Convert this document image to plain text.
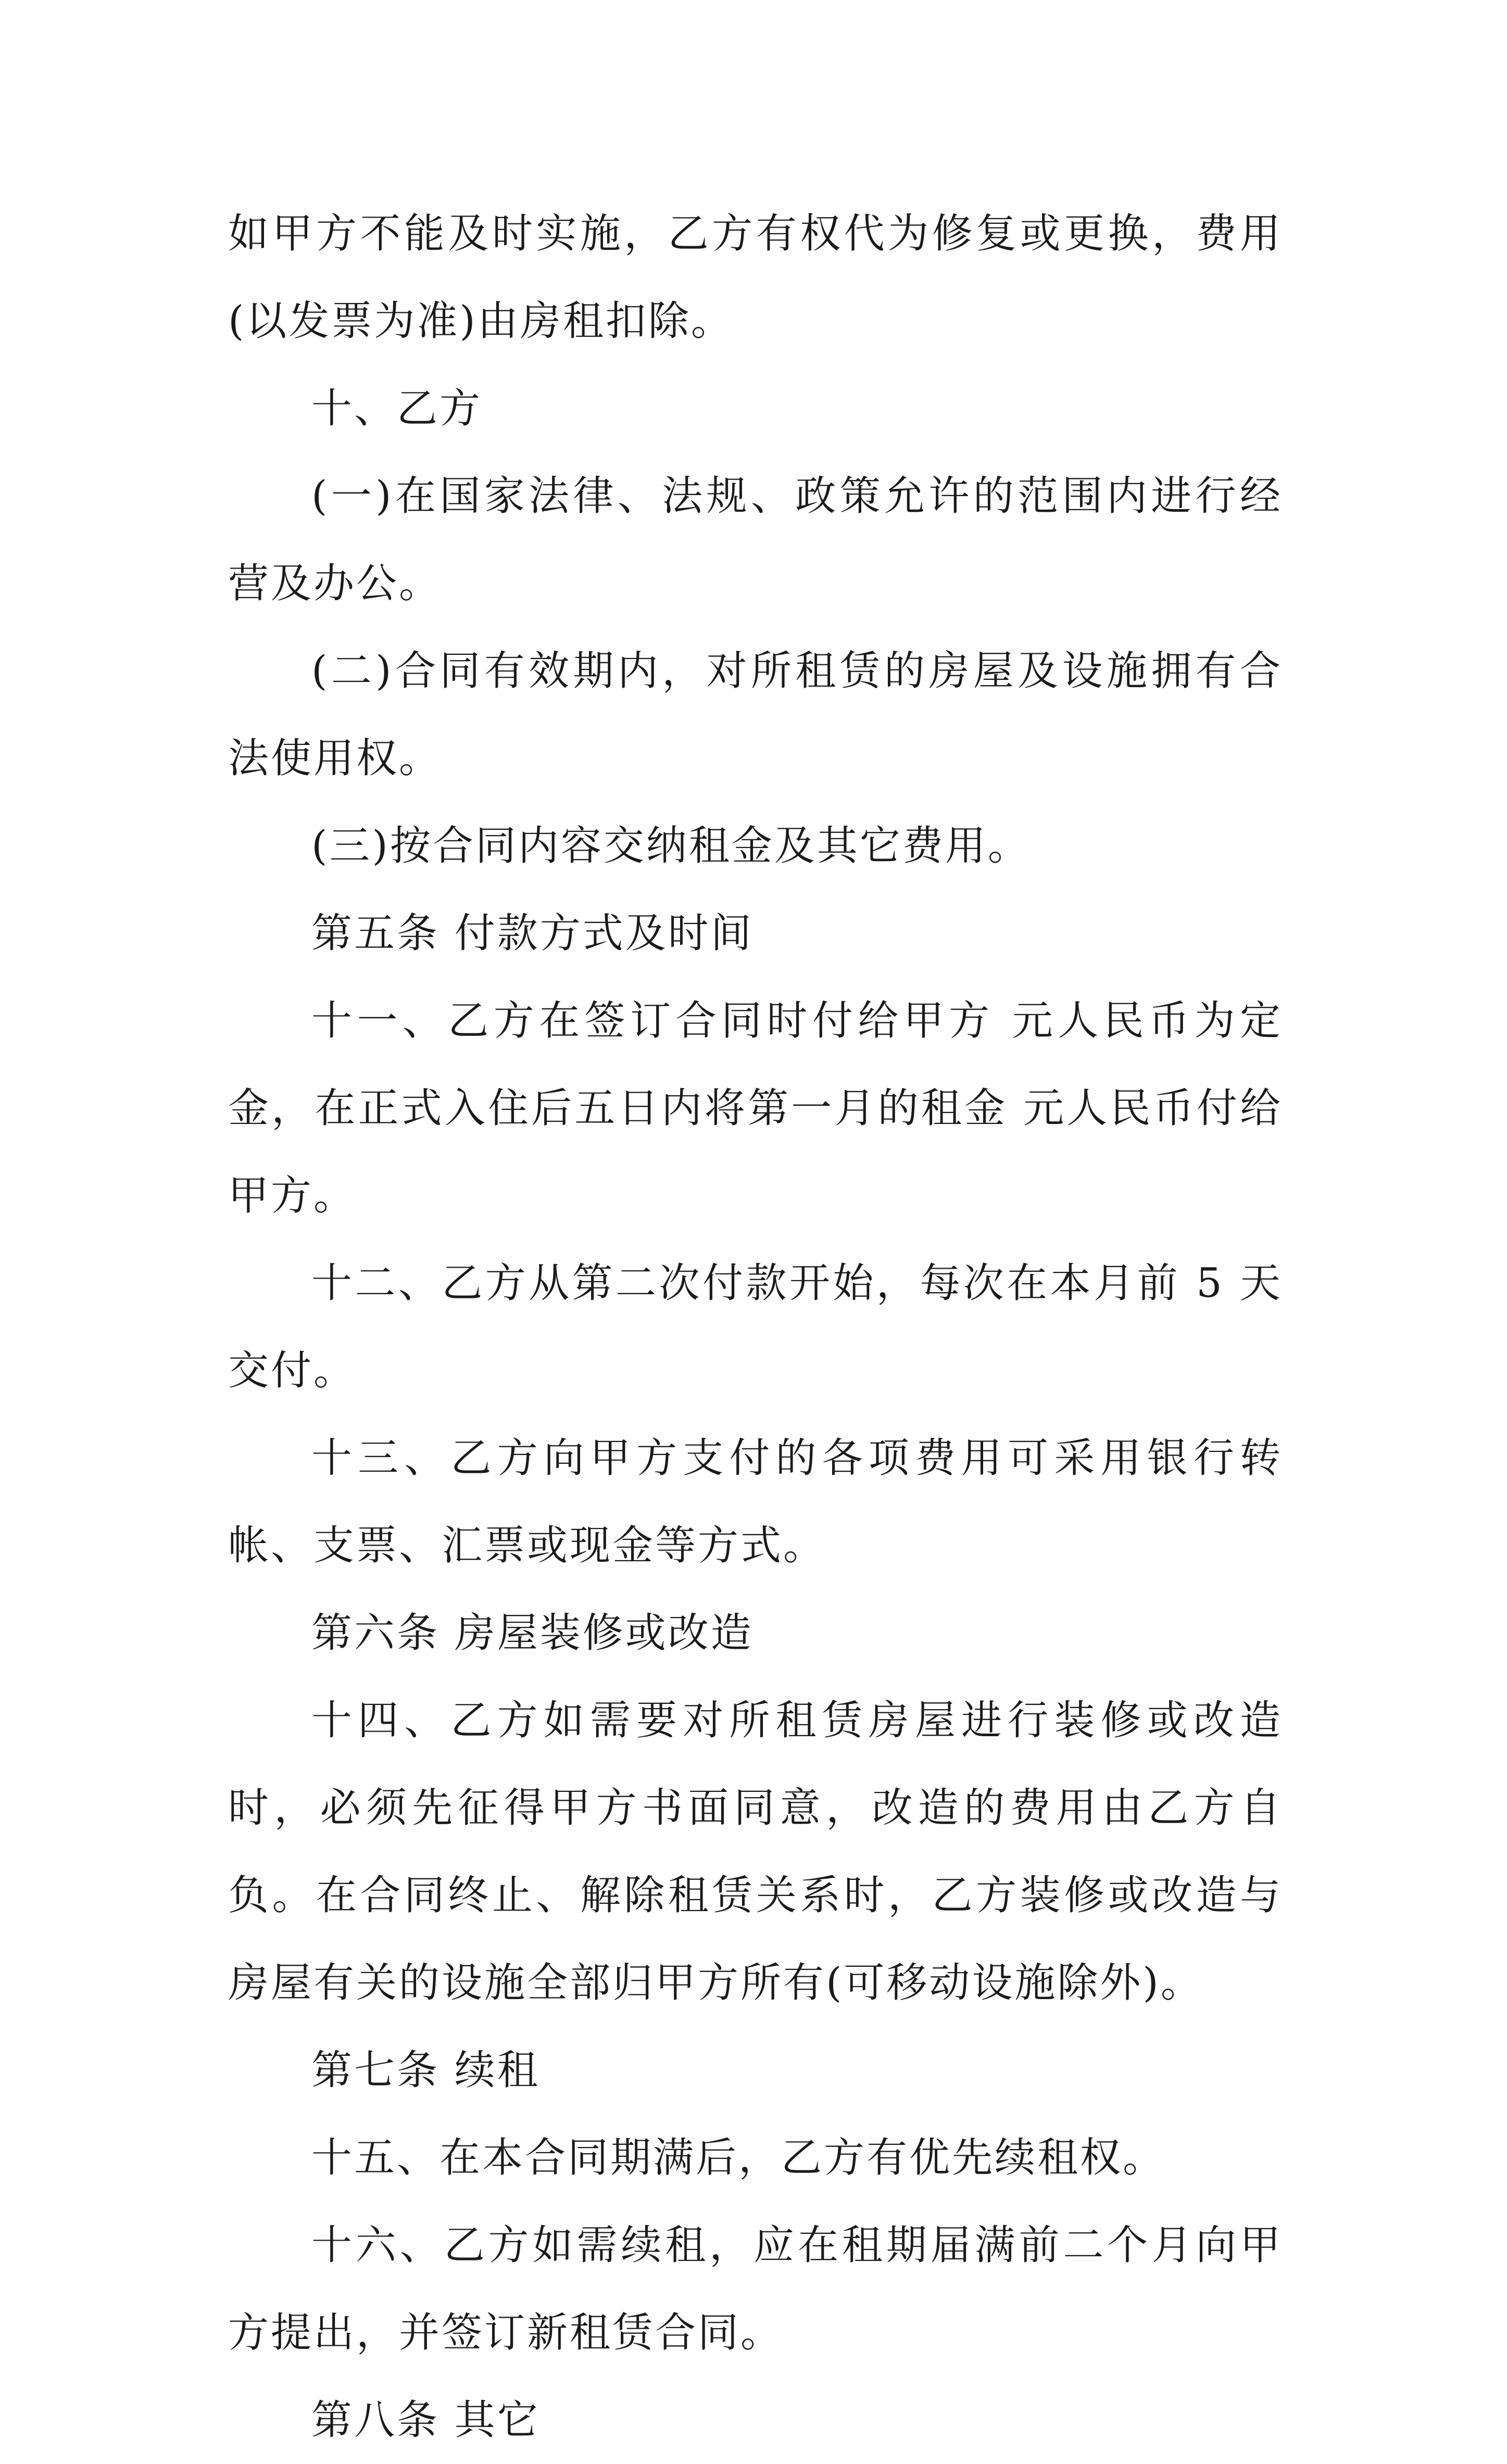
如甲方不能及时实施，乙方有权代为修复或更换，费用(以发票为准)由房租扣除。

十、乙方

(一)在国家法律、法规、政策允许的范围内进行经营及办公。

(二)合同有效期内，对所租赁的房屋及设施拥有合法使用权。

(三)按合同内容交纳租金及其它费用。

第五条 付款方式及时间

十一、乙方在签订合同时付给甲方 元人民币为定金，在正式入住后五日内将第一月的租金 元人民币付给甲方。

十二、乙方从第二次付款开始，每次在本月前 5 天交付。

十三、乙方向甲方支付的各项费用可采用银行转帐、支票、汇票或现金等方式。

第六条 房屋装修或改造

十四、乙方如需要对所租赁房屋进行装修或改造时，必须先征得甲方书面同意，改造的费用由乙方自负。在合同终止、解除租赁关系时，乙方装修或改造与房屋有关的设施全部归甲方所有(可移动设施除外)。

第七条 续租

十五、在本合同期满后，乙方有优先续租权。

十六、乙方如需续租，应在租期届满前二个月向甲方提出，并签订新租赁合同。

第八条 其它
